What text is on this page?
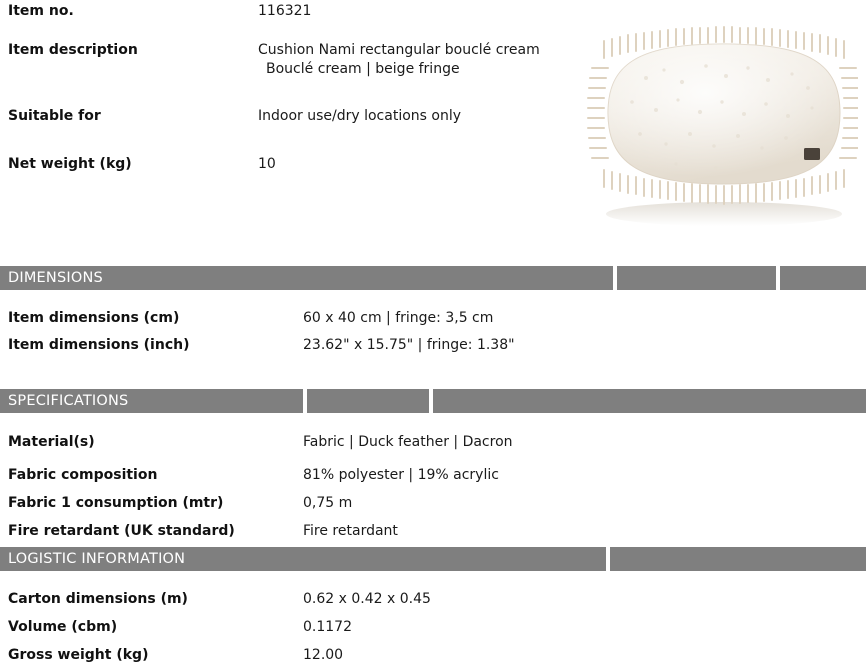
Item no.	116321
Item description	Cushion Nami rectangular bouclé cream
Bouclé cream | beige fringe
Suitable for	Indoor use/dry locations only
Net weight (kg)	10
DIMENSIONS
Item dimensions (cm)	60 x 40 cm | fringe: 3,5 cm
Item dimensions (inch)	23.62" x 15.75" | fringe: 1.38"
SPECIFICATIONS
Material(s)	Fabric | Duck feather | Dacron
Fabric composition	81% polyester | 19% acrylic
Fabric 1 consumption (mtr)	0,75 m
Fire retardant (UK standard)	Fire retardant
LOGISTIC INFORMATION
Carton dimensions (m)	0.62 x 0.42 x 0.45
Volume (cbm)	0.1172
Gross weight (kg)	12.00
